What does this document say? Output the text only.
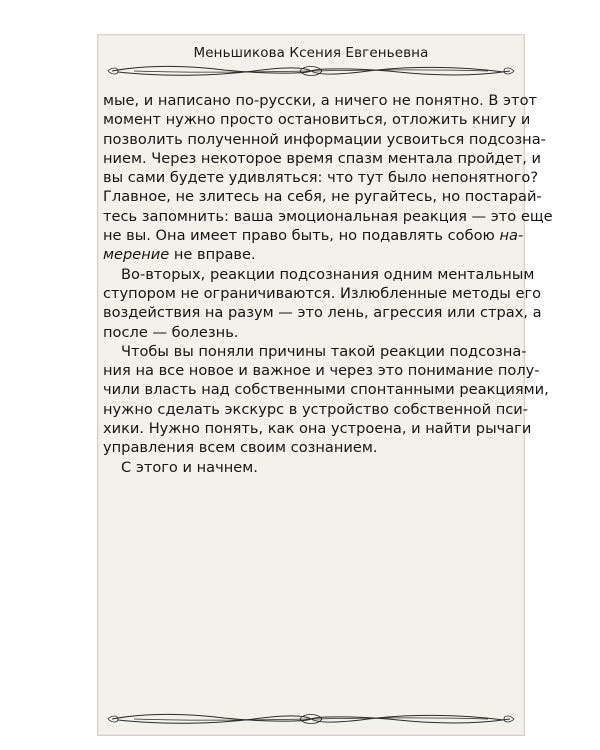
Меньшикова Ксения Евгеньевна
мые, и написано по-русски, а ничего не понятно. В этот
момент нужно просто остановиться, отложить книгу и
позволить полученной информации усвоиться подсозна-
нием. Через некоторое время спазм ментала пройдет, и
вы сами будете удивляться: что тут было непонятного?
Главное, не злитесь на себя, не ругайтесь, но постарай-
тесь запомнить: ваша эмоциональная реакция — это еще
не вы. Она имеет право быть, но подавлять собою на-
мерение не вправе.
Во-вторых, реакции подсознания одним ментальным
ступором не ограничиваются. Излюбленные методы его
воздействия на разум — это лень, агрессия или страх, а
после — болезнь.
Чтобы вы поняли причины такой реакции подсозна-
ния на все новое и важное и через это понимание полу-
чили власть над собственными спонтанными реакциями,
нужно сделать экскурс в устройство собственной пси-
хики. Нужно понять, как она устроена, и найти рычаги
управления всем своим сознанием.
С этого и начнем.
